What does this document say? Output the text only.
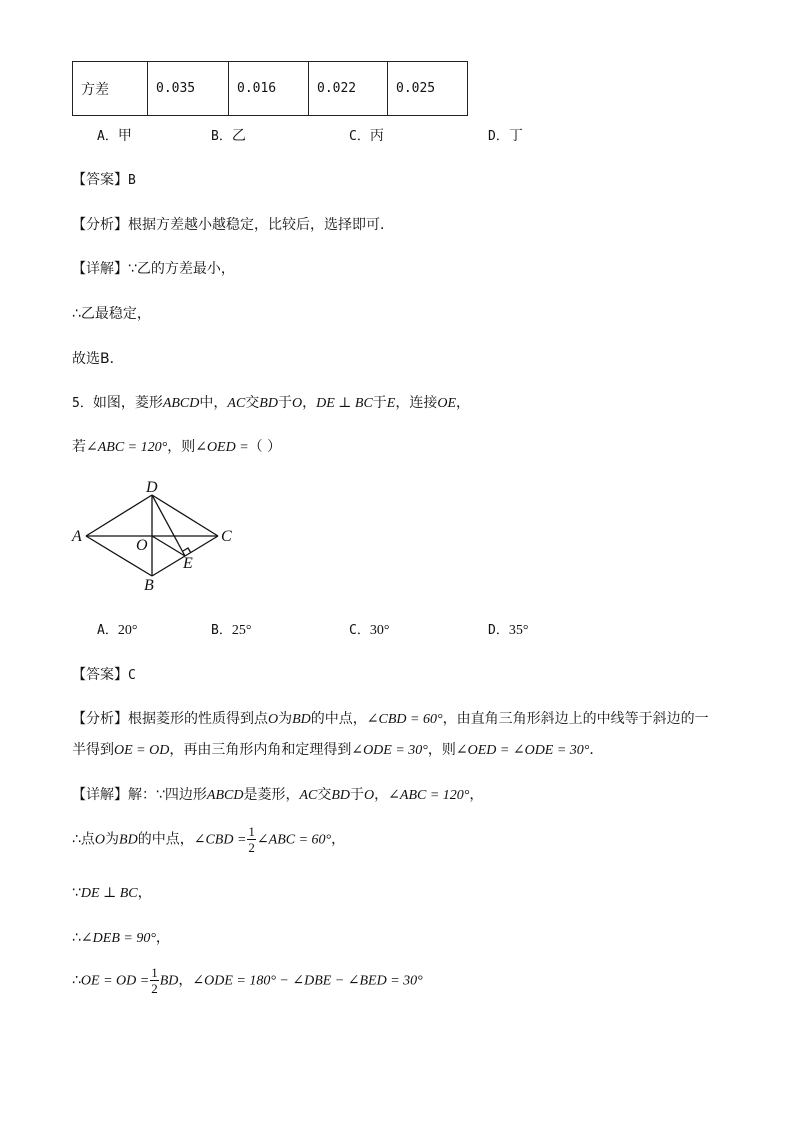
方差	0.035	0.016	0.022	0.025
A．甲	B．乙	C．丙	D．丁
【答案】B
【分析】根据方差越小越稳定，比较后，选择即可．
【详解】∵乙的方差最小，
∴乙最稳定，
故选B．
5．如图，菱形ABCD中，AC交BD于O，DE ⊥ BC于E，连接OE，
若∠ABC = 120°，则∠OED =（ ）
A
D
C
B
O
E
A．20°	B．25°	C．30°	D．35°
【答案】C
【分析】根据菱形的性质得到点O为BD的中点，∠CBD = 60°，由直角三角形斜边上的中线等于斜边的一
半得到OE = OD，再由三角形内角和定理得到∠ODE = 30°，则∠OED = ∠ODE = 30°．
【详解】解：∵四边形ABCD是菱形，AC交BD于O，∠ABC = 120°，
∴点O为BD的中点，∠CBD = $\frac{1}{2}$ ∠ABC = 60°，
∵DE ⊥ BC，
∴∠DEB = 90°，
∴OE = OD = $\frac{1}{2}$ BD，∠ODE = 180° − ∠DBE − ∠BED = 30°
